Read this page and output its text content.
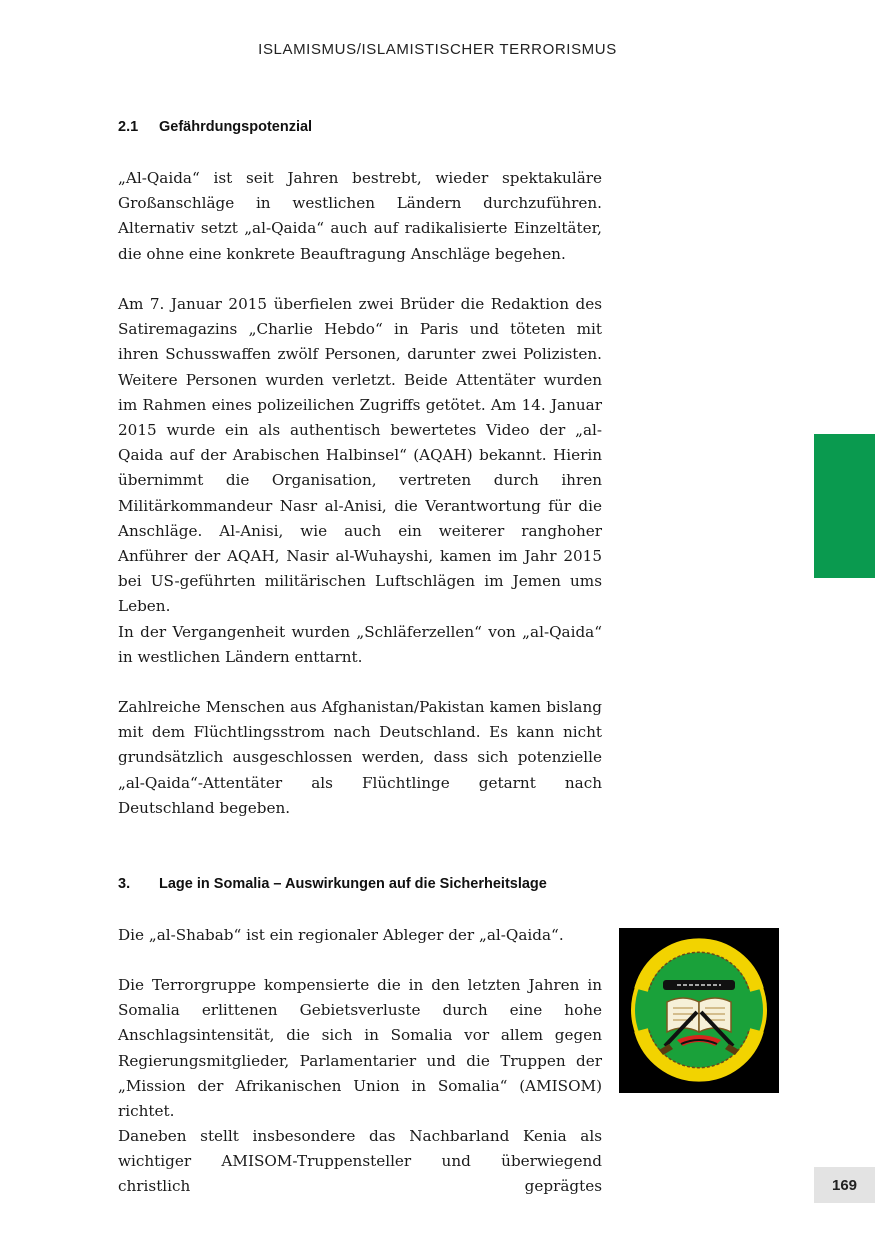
ISLAMISMUS/ISLAMISTISCHER TERRORISMUS
2.1 Gefährdungspotenzial

„Al-Qaida“ ist seit Jahren bestrebt, wieder spektakuläre Großanschläge in westlichen Ländern durchzuführen. Alternativ setzt „al-Qaida“ auch auf radikalisierte Einzeltäter, die ohne eine konkrete Beauftragung Anschläge begehen.

Am 7. Januar 2015 überfielen zwei Brüder die Redaktion des Satiremagazins „Charlie Hebdo“ in Paris und töteten mit ihren Schusswaffen zwölf Personen, darunter zwei Polizisten. Weitere Personen wurden verletzt. Beide Attentäter wurden im Rahmen eines polizeilichen Zugriffs getötet. Am 14. Januar 2015 wurde ein als authentisch bewertetes Video der „al-Qaida auf der Arabischen Halbinsel“ (AQAH) bekannt. Hierin übernimmt die Organisation, vertreten durch ihren Militärkommandeur Nasr al-Anisi, die Verantwortung für die Anschläge. Al-Anisi, wie auch ein weiterer ranghoher Anführer der AQAH, Nasir al-Wuhayshi, kamen im Jahr 2015 bei US-geführten militärischen Luftschlägen im Jemen ums Leben.

In der Vergangenheit wurden „Schläferzellen“ von „al-Qaida“ in westlichen Ländern enttarnt.

Zahlreiche Menschen aus Afghanistan/Pakistan kamen bislang mit dem Flüchtlingsstrom nach Deutschland. Es kann nicht grundsätzlich ausgeschlossen werden, dass sich potenzielle „al-Qaida“-Attentäter als Flüchtlinge getarnt nach Deutschland begeben.

3. Lage in Somalia – Auswirkungen auf die Sicherheitslage

Die „al-Shabab“ ist ein regionaler Ableger der „al-Qaida“.

Die Terrorgruppe kompensierte die in den letzten Jahren in Somalia erlittenen Gebietsverluste durch eine hohe Anschlagsintensität, die sich in Somalia vor allem gegen Regierungsmitglieder, Parlamentarier und die Truppen der „Mission der Afrikanischen Union in Somalia“ (AMISOM) richtet.

Daneben stellt insbesondere das Nachbarland Kenia als wichtiger AMISOM-Truppensteller und überwiegend christlich geprägtes	169
